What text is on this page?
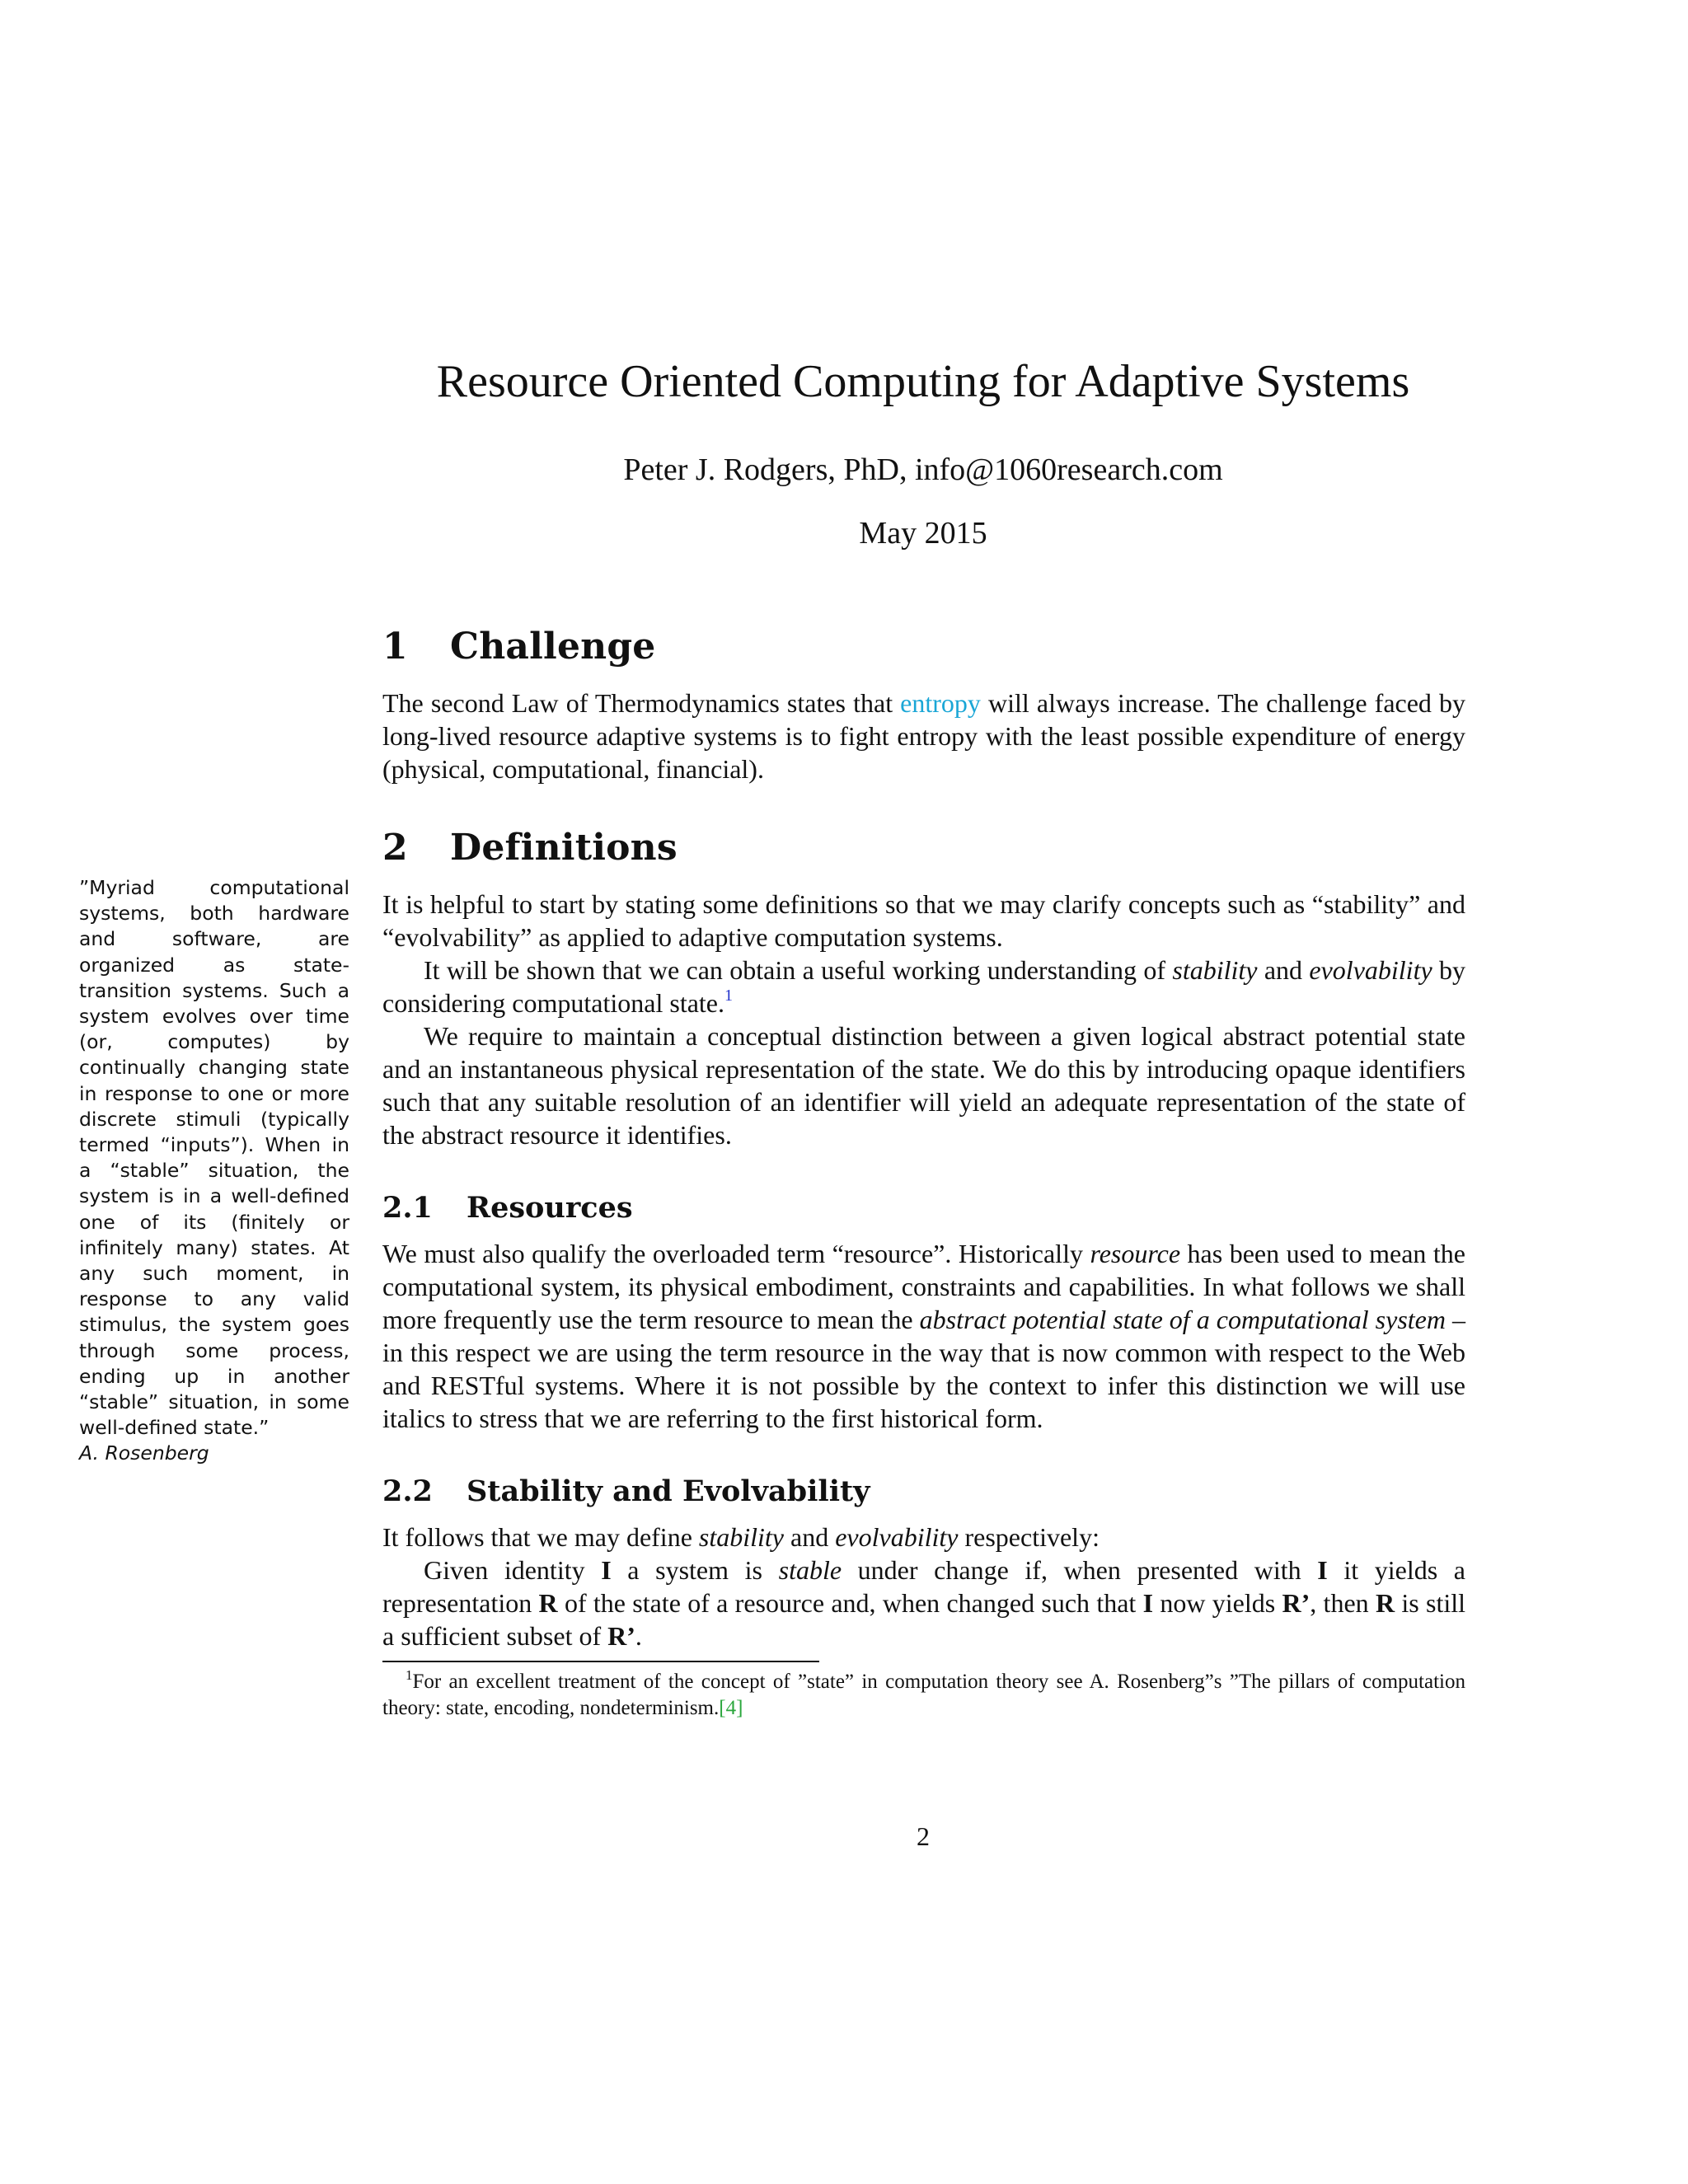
Resource Oriented Computing for Adaptive Systems
Peter J. Rodgers, PhD, info@1060research.com
May 2015
”Myriad computational systems, both hardware and software, are organized as state-transition systems. Such a system evolves over time (or, computes) by continually changing state in response to one or more discrete stimuli (typically termed “inputs”). When in a “stable” situation, the system is in a well-defined one of its (finitely or infinitely many) states. At any such moment, in response to any valid stimulus, the system goes through some process, ending up in another “stable” situation, in some well-defined state.”
A. Rosenberg
1 Challenge

The second Law of Thermodynamics states that entropy will always increase. The challenge faced by long-lived resource adaptive systems is to fight entropy with the least possible expenditure of energy (physical, computational, financial).

2 Definitions

It is helpful to start by stating some definitions so that we may clarify concepts such as “stability” and “evolvability” as applied to adaptive computation systems.

It will be shown that we can obtain a useful working understanding of stability and evolvability by considering computational state.$^1$

We require to maintain a conceptual distinction between a given logical abstract potential state and an instantaneous physical representation of the state. We do this by introducing opaque identifiers such that any suitable resolution of an identifier will yield an adequate representation of the state of the abstract resource it identifies.

2.1 Resources

We must also qualify the overloaded term “resource”. Historically resource has been used to mean the computational system, its physical embodiment, constraints and capabilities. In what follows we shall more frequently use the term resource to mean the abstract potential state of a computational system – in this respect we are using the term resource in the way that is now common with respect to the Web and RESTful systems. Where it is not possible by the context to infer this distinction we will use italics to stress that we are referring to the first historical form.

2.2 Stability and Evolvability

It follows that we may define stability and evolvability respectively:

Given identity I a system is stable under change if, when presented with I it yields a representation R of the state of a resource and, when changed such that I now yields R’, then R is still a sufficient subset of R’.

$^1$For an excellent treatment of the concept of ”state” in computation theory see A. Rosenberg”s ”The pillars of computation theory: state, encoding, nondeterminism.[4]

2
